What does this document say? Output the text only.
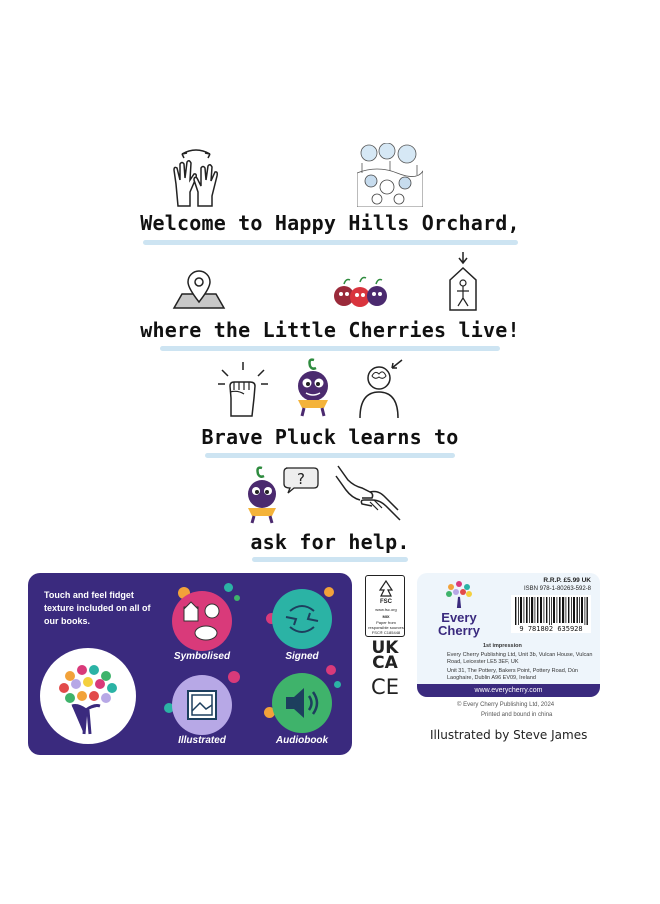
Welcome to Happy Hills Orchard,
where the Little Cherries live!
Brave Pluck learns to
?
ask for help.
Touch and feel fidget texture included on all of our books.
Symbolised	Signed
Illustrated	Audiobook
FSC
www.fsc.org
MIX
Paper from responsible sources
FSC® C185448
UK
CA
CE
Every
Cherry
R.R.P. £5.99 UK
ISBN 978-1-80263-592-8
9 781802 635928
1st impression
Every Cherry Publishing Ltd, Unit 3b, Vulcan House, Vulcan Road, Leicester LE5 3EF, UK
Unit 31, The Pottery, Bakers Point, Pottery Road, Dún Laoghaire, Dublin A96 EV09, Ireland
www.everycherry.com
© Every Cherry Publishing Ltd, 2024
Printed and bound in china
Illustrated by Steve James
